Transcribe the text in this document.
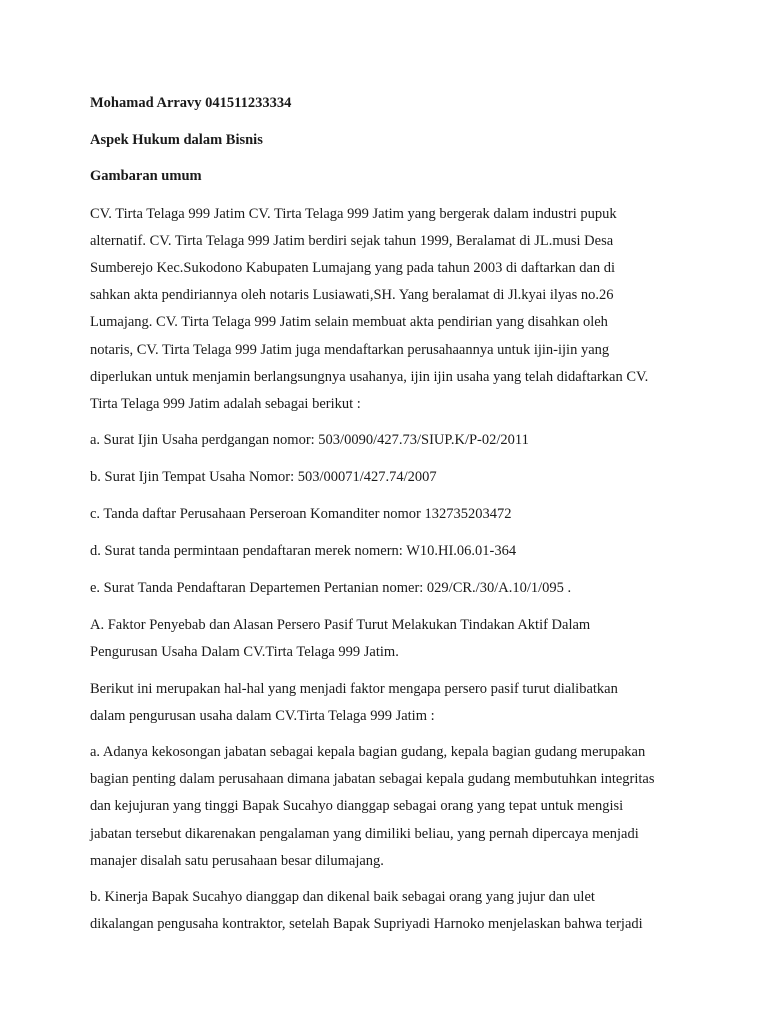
Mohamad Arravy 041511233334
Aspek Hukum dalam Bisnis
Gambaran umum
CV. Tirta Telaga 999 Jatim CV. Tirta Telaga 999 Jatim yang bergerak dalam industri pupuk
alternatif. CV. Tirta Telaga 999 Jatim berdiri sejak tahun 1999, Beralamat di JL.musi Desa
Sumberejo Kec.Sukodono Kabupaten Lumajang yang pada tahun 2003 di daftarkan dan di
sahkan akta pendiriannya oleh notaris Lusiawati,SH. Yang beralamat di Jl.kyai ilyas no.26
Lumajang. CV. Tirta Telaga 999 Jatim selain membuat akta pendirian yang disahkan oleh
notaris, CV. Tirta Telaga 999 Jatim juga mendaftarkan perusahaannya untuk ijin-ijin yang
diperlukan untuk menjamin berlangsungnya usahanya, ijin ijin usaha yang telah didaftarkan CV.
Tirta Telaga 999 Jatim adalah sebagai berikut :
a. Surat Ijin Usaha perdgangan nomor: 503/0090/427.73/SIUP.K/P-02/2011
b. Surat Ijin Tempat Usaha Nomor: 503/00071/427.74/2007
c. Tanda daftar Perusahaan Perseroan Komanditer nomor 132735203472
d. Surat tanda permintaan pendaftaran merek nomern: W10.HI.06.01-364
e. Surat Tanda Pendaftaran Departemen Pertanian nomer: 029/CR./30/A.10/1/095 .
A. Faktor Penyebab dan Alasan Persero Pasif Turut Melakukan Tindakan Aktif Dalam
Pengurusan Usaha Dalam CV.Tirta Telaga 999 Jatim.
Berikut ini merupakan hal-hal yang menjadi faktor mengapa persero pasif turut dialibatkan
dalam pengurusan usaha dalam CV.Tirta Telaga 999 Jatim :
a. Adanya kekosongan jabatan sebagai kepala bagian gudang, kepala bagian gudang merupakan
bagian penting dalam perusahaan dimana jabatan sebagai kepala gudang membutuhkan integritas
dan kejujuran yang tinggi Bapak Sucahyo dianggap sebagai orang yang tepat untuk mengisi
jabatan tersebut dikarenakan pengalaman yang dimiliki beliau, yang pernah dipercaya menjadi
manajer disalah satu perusahaan besar dilumajang.
b. Kinerja Bapak Sucahyo dianggap dan dikenal baik sebagai orang yang jujur dan ulet
dikalangan pengusaha kontraktor, setelah Bapak Supriyadi Harnoko menjelaskan bahwa terjadi
